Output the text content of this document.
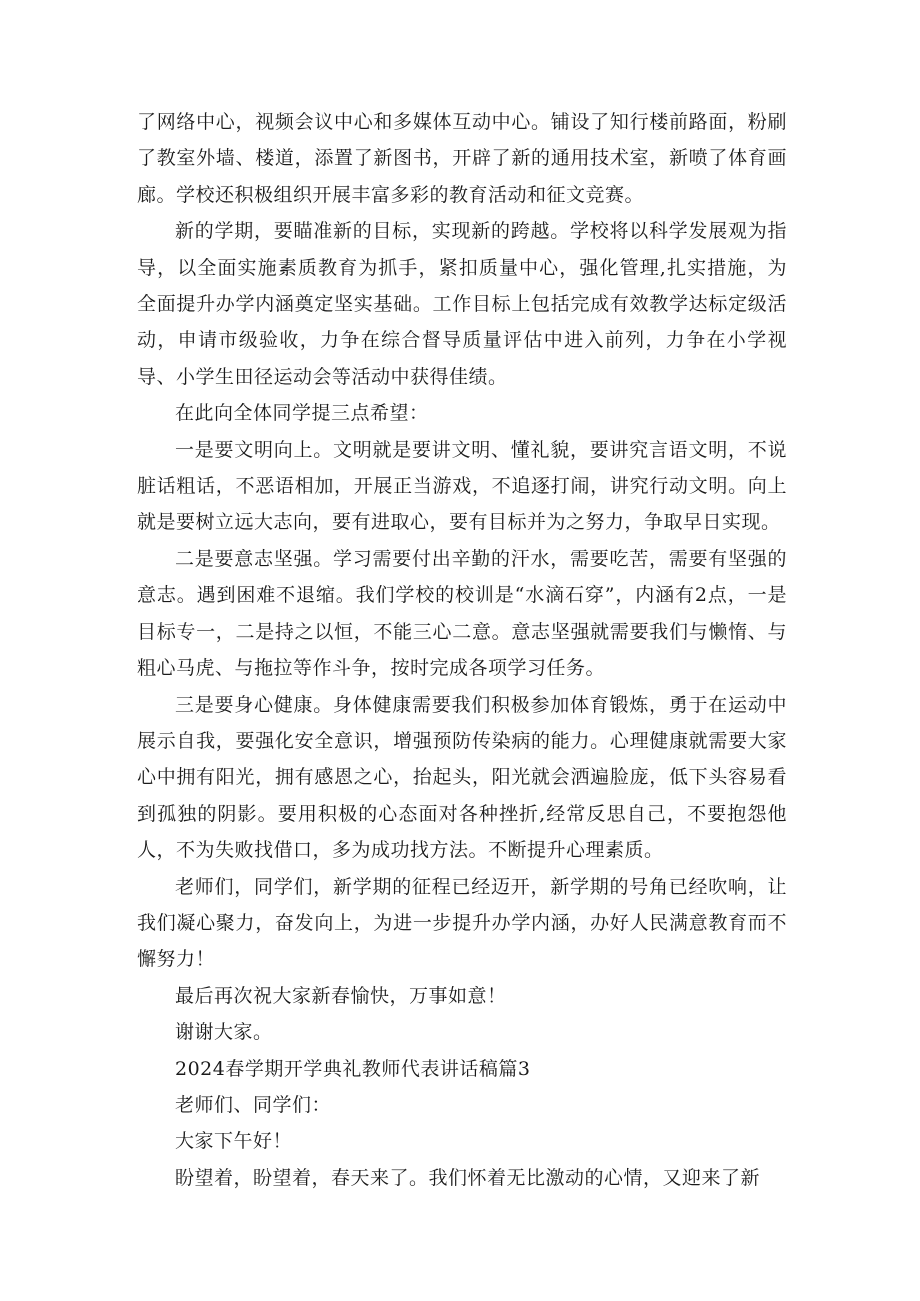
了网络中心，视频会议中心和多媒体互动中心。铺设了知行楼前路面，粉刷了教室外墙、楼道，添置了新图书，开辟了新的通用技术室，新喷了体育画廊。学校还积极组织开展丰富多彩的教育活动和征文竞赛。

新的学期，要瞄准新的目标，实现新的跨越。学校将以科学发展观为指导，以全面实施素质教育为抓手，紧扣质量中心，强化管理,扎实措施，为全面提升办学内涵奠定坚实基础。工作目标上包括完成有效教学达标定级活动，申请市级验收，力争在综合督导质量评估中进入前列，力争在小学视导、小学生田径运动会等活动中获得佳绩。

在此向全体同学提三点希望：

一是要文明向上。文明就是要讲文明、懂礼貌，要讲究言语文明，不说脏话粗话，不恶语相加，开展正当游戏，不追逐打闹，讲究行动文明。向上就是要树立远大志向，要有进取心，要有目标并为之努力，争取早日实现。

二是要意志坚强。学习需要付出辛勤的汗水，需要吃苦，需要有坚强的意志。遇到困难不退缩。我们学校的校训是“水滴石穿”，内涵有2点，一是目标专一，二是持之以恒，不能三心二意。意志坚强就需要我们与懒惰、与粗心马虎、与拖拉等作斗争，按时完成各项学习任务。

三是要身心健康。身体健康需要我们积极参加体育锻炼，勇于在运动中展示自我，要强化安全意识，增强预防传染病的能力。心理健康就需要大家心中拥有阳光，拥有感恩之心，抬起头，阳光就会洒遍脸庞，低下头容易看到孤独的阴影。要用积极的心态面对各种挫折,经常反思自己，不要抱怨他人，不为失败找借口，多为成功找方法。不断提升心理素质。

老师们，同学们，新学期的征程已经迈开，新学期的号角已经吹响，让我们凝心聚力，奋发向上，为进一步提升办学内涵，办好人民满意教育而不懈努力！

最后再次祝大家新春愉快，万事如意！

谢谢大家。

2024春学期开学典礼教师代表讲话稿篇3

老师们、同学们：

大家下午好！

盼望着，盼望着，春天来了。我们怀着无比激动的心情，又迎来了新
